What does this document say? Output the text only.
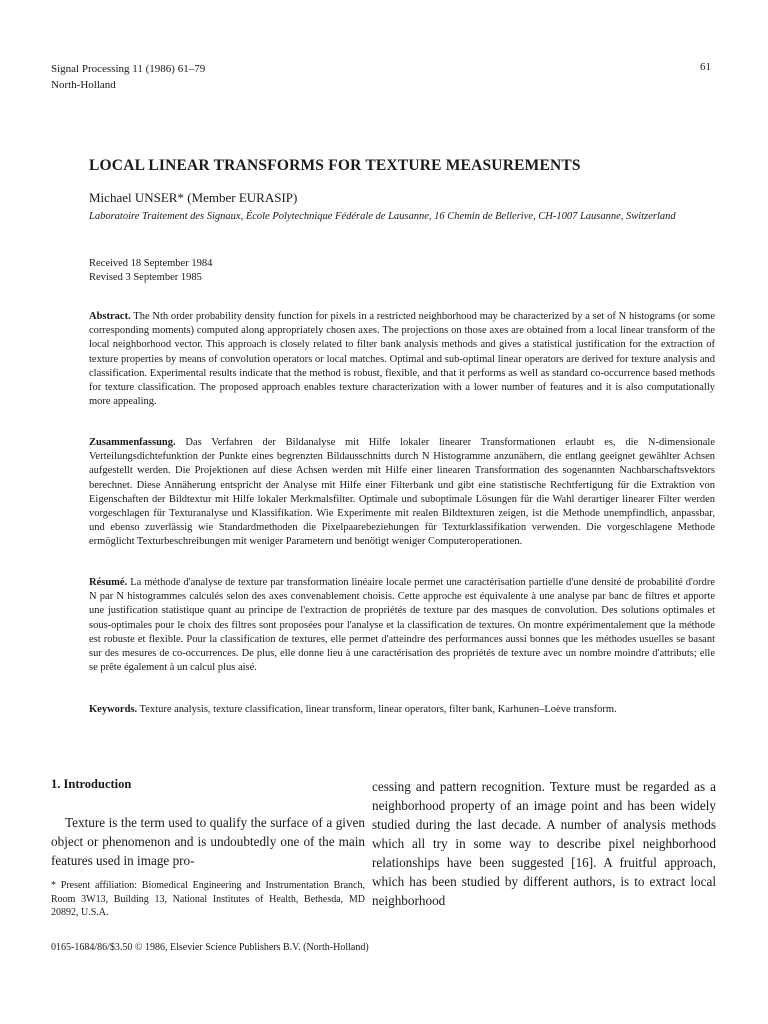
Signal Processing 11 (1986) 61–79
North-Holland
61
LOCAL LINEAR TRANSFORMS FOR TEXTURE MEASUREMENTS
Michael UNSER* (Member EURASIP)
Laboratoire Traitement des Signaux, École Polytechnique Fédérale de Lausanne, 16 Chemin de Bellerive, CH-1007 Lausanne, Switzerland
Received 18 September 1984
Revised 3 September 1985

Abstract. The Nth order probability density function for pixels in a restricted neighborhood may be characterized by a set of N histograms (or some corresponding moments) computed along appropriately chosen axes. The projections on those axes are obtained from a local linear transform of the local neighborhood vector. This approach is closely related to filter bank analysis methods and gives a statistical justification for the extraction of texture properties by means of convolution operators or local matches. Optimal and sub-optimal linear operators are derived for texture analysis and classification. Experimental results indicate that the method is robust, flexible, and that it performs as well as standard co-occurrence based methods for texture classification. The proposed approach enables texture characterization with a lower number of features and it is also computationally more appealing.

Zusammenfassung. Das Verfahren der Bildanalyse mit Hilfe lokaler linearer Transformationen erlaubt es, die N-dimensionale Verteilungsdichtefunktion der Punkte eines begrenzten Bildausschnitts durch N Histogramme anzunähern, die entlang geeignet gewählter Achsen aufgestellt werden. Die Projektionen auf diese Achsen werden mit Hilfe einer linearen Transformation des sogenannten Nachbarschaftsvektors berechnet. Diese Annäherung entspricht der Analyse mit Hilfe einer Filterbank und gibt eine statistische Rechtfertigung für die Extraktion von Eigenschaften der Bildtextur mit Hilfe lokaler Merkmalsfilter. Optimale und suboptimale Lösungen für die Wahl derartiger linearer Filter werden vorgeschlagen für Texturanalyse und Klassifikation. Wie Experimente mit realen Bildtexturen zeigen, ist die Methode unempfindlich, anpassbar, und ebenso zuverlässig wie Standardmethoden die Pixelpaarebeziehungen für Texturklassifikation verwenden. Die vorgeschlagene Methode ermöglicht Texturbeschreibungen mit weniger Parametern und benötigt weniger Computeroperationen.

Résumé. La méthode d'analyse de texture par transformation linéaire locale permet une caractérisation partielle d'une densité de probabilité d'ordre N par N histogrammes calculés selon des axes convenablement choisis. Cette approche est équivalente à une analyse par banc de filtres et apporte une justification statistique quant au principe de l'extraction de propriétés de texture par des masques de convolution. Des solutions optimales et sous-optimales pour le choix des filtres sont proposées pour l'analyse et la classification de textures. On montre expérimentalement que la méthode est robuste et flexible. Pour la classification de textures, elle permet d'atteindre des performances aussi bonnes que les méthodes usuelles se basant sur des mesures de co-occurrences. De plus, elle donne lieu à une caractérisation des propriétés de texture avec un nombre moindre d'attributs; elle se prête également à un calcul plus aisé.

Keywords. Texture analysis, texture classification, linear transform, linear operators, filter bank, Karhunen–Loève transform.

1. Introduction

Texture is the term used to qualify the surface of a given object or phenomenon and is undoubtedly one of the main features used in image pro-

cessing and pattern recognition. Texture must be regarded as a neighborhood property of an image point and has been widely studied during the last decade. A number of analysis methods which all try in some way to describe pixel neighborhood relationships have been suggested [16]. A fruitful approach, which has been studied by different authors, is to extract local neighborhood

* Present affiliation: Biomedical Engineering and Instrumentation Branch, Room 3W13, Building 13, National Institutes of Health, Bethesda, MD 20892, U.S.A.

0165-1684/86/$3.50 © 1986, Elsevier Science Publishers B.V. (North-Holland)
